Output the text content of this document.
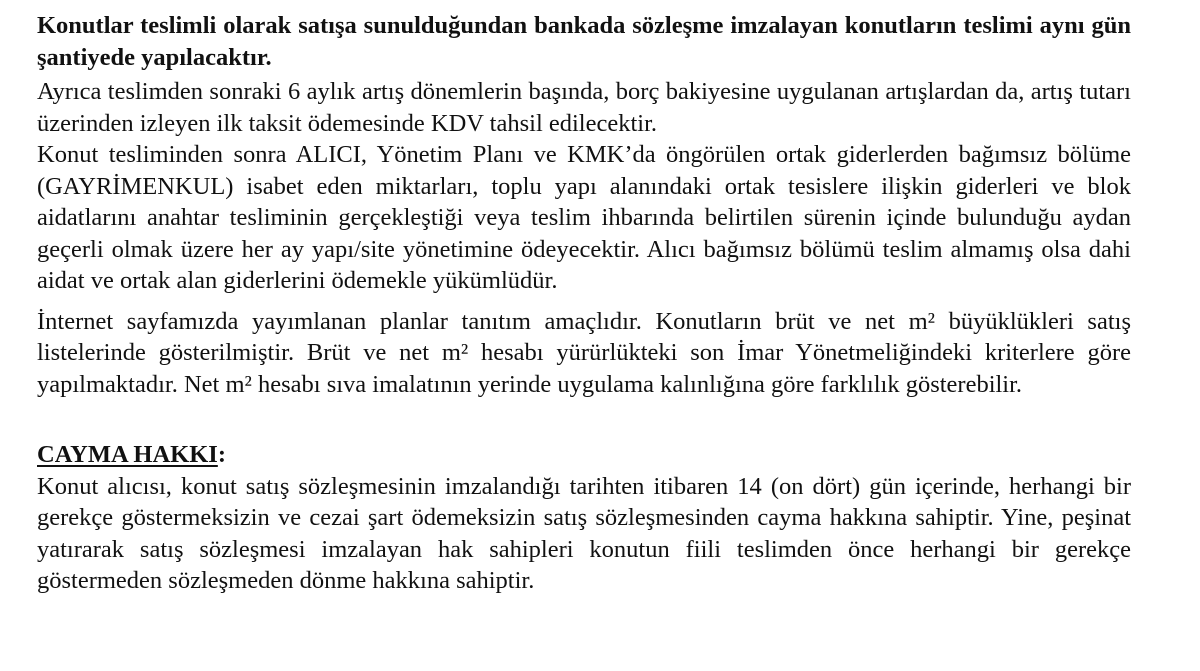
Konutlar teslimli olarak satışa sunulduğundan bankada sözleşme imzalayan konutların teslimi aynı gün şantiyede yapılacaktır.

Ayrıca teslimden sonraki 6 aylık artış dönemlerin başında, borç bakiyesine uygulanan artışlardan da, artış tutarı üzerinden izleyen ilk taksit ödemesinde KDV tahsil edilecektir.

Konut tesliminden sonra ALICI, Yönetim Planı ve KMK’da öngörülen ortak giderlerden bağımsız bölüme (GAYRİMENKUL) isabet eden miktarları, toplu yapı alanındaki ortak tesislere ilişkin giderleri ve blok aidatlarını anahtar tesliminin gerçekleştiği veya teslim ihbarında belirtilen sürenin içinde bulunduğu aydan geçerli olmak üzere her ay yapı/site yönetimine ödeyecektir. Alıcı bağımsız bölümü teslim almamış olsa dahi aidat ve ortak alan giderlerini ödemekle yükümlüdür.

İnternet sayfamızda yayımlanan planlar tanıtım amaçlıdır. Konutların brüt ve net m² büyüklükleri satış listelerinde gösterilmiştir. Brüt ve net m² hesabı yürürlükteki son İmar Yönetmeliğindeki kriterlere göre yapılmaktadır. Net m² hesabı sıva imalatının yerinde uygulama kalınlığına göre farklılık gösterebilir.

CAYMA HAKKI:

Konut alıcısı, konut satış sözleşmesinin imzalandığı tarihten itibaren 14 (on dört) gün içerinde, herhangi bir gerekçe göstermeksizin ve cezai şart ödemeksizin satış sözleşmesinden cayma hakkına sahiptir. Yine, peşinat yatırarak satış sözleşmesi imzalayan hak sahipleri konutun fiili teslimden önce herhangi bir gerekçe göstermeden sözleşmeden dönme hakkına sahiptir.
